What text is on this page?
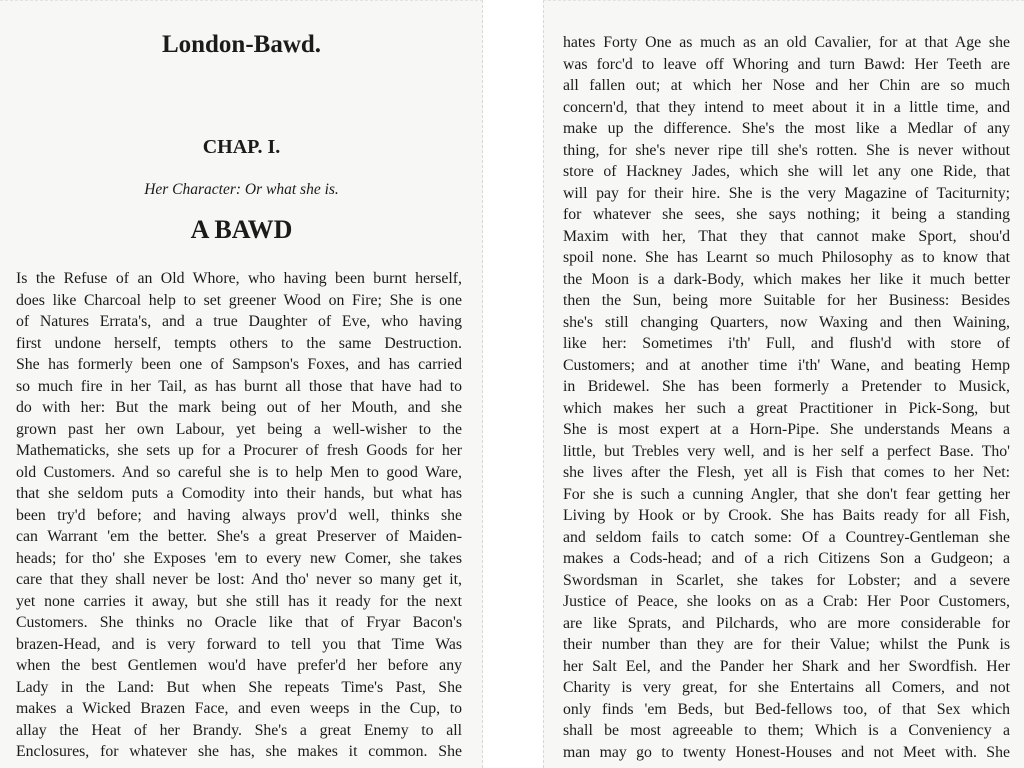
London-Bawd.
CHAP. I.
Her Character: Or what she is.
A BAWD
Is the Refuse of an Old Whore, who having been burnt herself,
does like Charcoal help to set greener Wood on Fire; She is one
of Natures Errata's, and a true Daughter of Eve, who having
first undone herself, tempts others to the same Destruction.
She has formerly been one of Sampson's Foxes, and has carried
so much fire in her Tail, as has burnt all those that have had to
do with her: But the mark being out of her Mouth, and she
grown past her own Labour, yet being a well-wisher to the
Mathematicks, she sets up for a Procurer of fresh Goods for her
old Customers. And so careful she is to help Men to good Ware,
that she seldom puts a Comodity into their hands, but what has
been try'd before; and having always prov'd well, thinks she
can Warrant 'em the better. She's a great Preserver of Maiden-
heads; for tho' she Exposes 'em to every new Comer, she takes
care that they shall never be lost: And tho' never so many get it,
yet none carries it away, but she still has it ready for the next
Customers. She thinks no Oracle like that of Fryar Bacon's
brazen-Head, and is very forward to tell you that Time Was
when the best Gentlemen wou'd have prefer'd her before any
Lady in the Land: But when She repeats Time's Past, She
makes a Wicked Brazen Face, and even weeps in the Cup, to
allay the Heat of her Brandy. She's a great Enemy to all
Enclosures, for whatever she has, she makes it common. She
hates Forty One as much as an old Cavalier, for at that Age she
was forc'd to leave off Whoring and turn Bawd: Her Teeth are
all fallen out; at which her Nose and her Chin are so much
concern'd, that they intend to meet about it in a little time, and
make up the difference. She's the most like a Medlar of any
thing, for she's never ripe till she's rotten. She is never without
store of Hackney Jades, which she will let any one Ride, that
will pay for their hire. She is the very Magazine of Taciturnity;
for whatever she sees, she says nothing; it being a standing
Maxim with her, That they that cannot make Sport, shou'd
spoil none. She has Learnt so much Philosophy as to know that
the Moon is a dark-Body, which makes her like it much better
then the Sun, being more Suitable for her Business: Besides
she's still changing Quarters, now Waxing and then Waining,
like her: Sometimes i'th' Full, and flush'd with store of
Customers; and at another time i'th' Wane, and beating Hemp
in Bridewel. She has been formerly a Pretender to Musick,
which makes her such a great Practitioner in Pick-Song, but
She is most expert at a Horn-Pipe. She understands Means a
little, but Trebles very well, and is her self a perfect Base. Tho'
she lives after the Flesh, yet all is Fish that comes to her Net:
For she is such a cunning Angler, that she don't fear getting her
Living by Hook or by Crook. She has Baits ready for all Fish,
and seldom fails to catch some: Of a Countrey-Gentleman she
makes a Cods-head; and of a rich Citizens Son a Gudgeon; a
Swordsman in Scarlet, she takes for Lobster; and a severe
Justice of Peace, she looks on as a Crab: Her Poor Customers,
are like Sprats, and Pilchards, who are more considerable for
their number than they are for their Value; whilst the Punk is
her Salt Eel, and the Pander her Shark and her Swordfish. Her
Charity is very great, for she Entertains all Comers, and not
only finds 'em Beds, but Bed-fellows too, of that Sex which
shall be most agreeable to them; Which is a Conveniency a
man may go to twenty Honest-Houses and not Meet with. She
